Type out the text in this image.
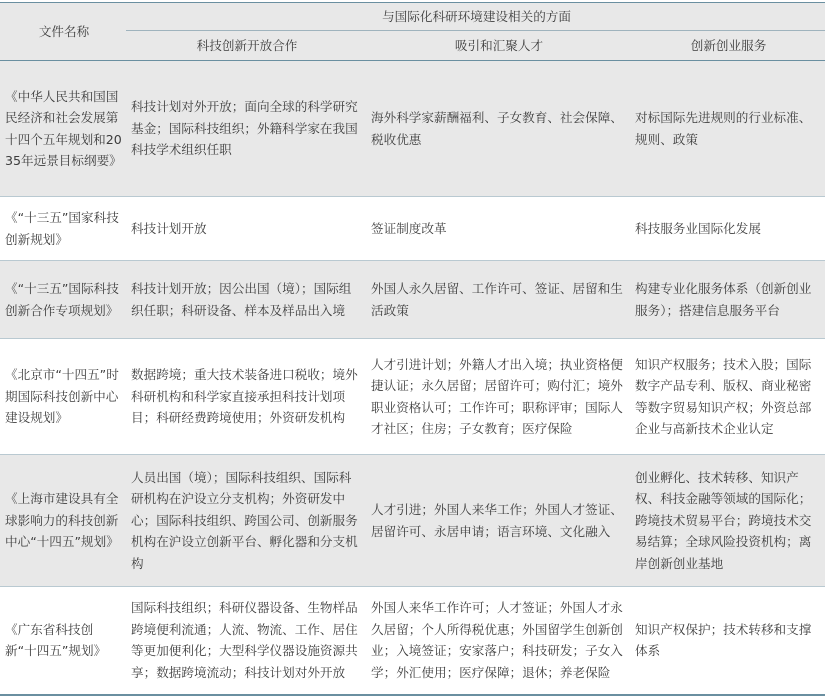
文件名称	与国际化科研环境建设相关的方面		
	科技创新开放合作	吸引和汇聚人才	创新创业服务
《中华人民共和国国民经济和社会发展第十四个五年规划和2035年远景目标纲要》	科技计划对外开放；面向全球的科学研究基金；国际科技组织；外籍科学家在我国科技学术组织任职	海外科学家薪酬福利、子女教育、社会保障、税收优惠	对标国际先进规则的行业标准、规则、政策
《“十三五”国家科技创新规划》	科技计划开放	签证制度改革	科技服务业国际化发展
《“十三五”国际科技创新合作专项规划》	科技计划开放；因公出国（境）；国际组织任职；科研设备、样本及样品出入境	外国人永久居留、工作许可、签证、居留和生活政策	构建专业化服务体系（创新创业服务）；搭建信息服务平台
《北京市“十四五”时期国际科技创新中心建设规划》	数据跨境；重大技术装备进口税收；境外科研机构和科学家直接承担科技计划项目；科研经费跨境使用；外资研发机构	人才引进计划；外籍人才出入境；执业资格便捷认证；永久居留；居留许可；购付汇；境外职业资格认可；工作许可；职称评审；国际人才社区；住房；子女教育；医疗保险	知识产权服务；技术入股；国际数字产品专利、版权、商业秘密等数字贸易知识产权；外资总部企业与高新技术企业认定
《上海市建设具有全球影响力的科技创新中心“十四五”规划》	人员出国（境）；国际科技组织、国际科研机构在沪设立分支机构；外资研发中心；国际科技组织、跨国公司、创新服务机构在沪设立创新平台、孵化器和分支机构	人才引进；外国人来华工作；外国人才签证、居留许可、永居申请；语言环境、文化融入	创业孵化、技术转移、知识产权、科技金融等领域的国际化；跨境技术贸易平台；跨境技术交易结算；全球风险投资机构；离岸创新创业基地
《广东省科技创新“十四五”规划》	国际科技组织；科研仪器设备、生物样品跨境便利流通；人流、物流、工作、居住等更加便利化；大型科学仪器设施资源共享；数据跨境流动；科技计划对外开放	外国人来华工作许可；人才签证；外国人才永久居留；个人所得税优惠；外国留学生创新创业；入境签证；安家落户；科技研发；子女入学；外汇使用；医疗保障；退休；养老保险	知识产权保护；技术转移和支撑体系
